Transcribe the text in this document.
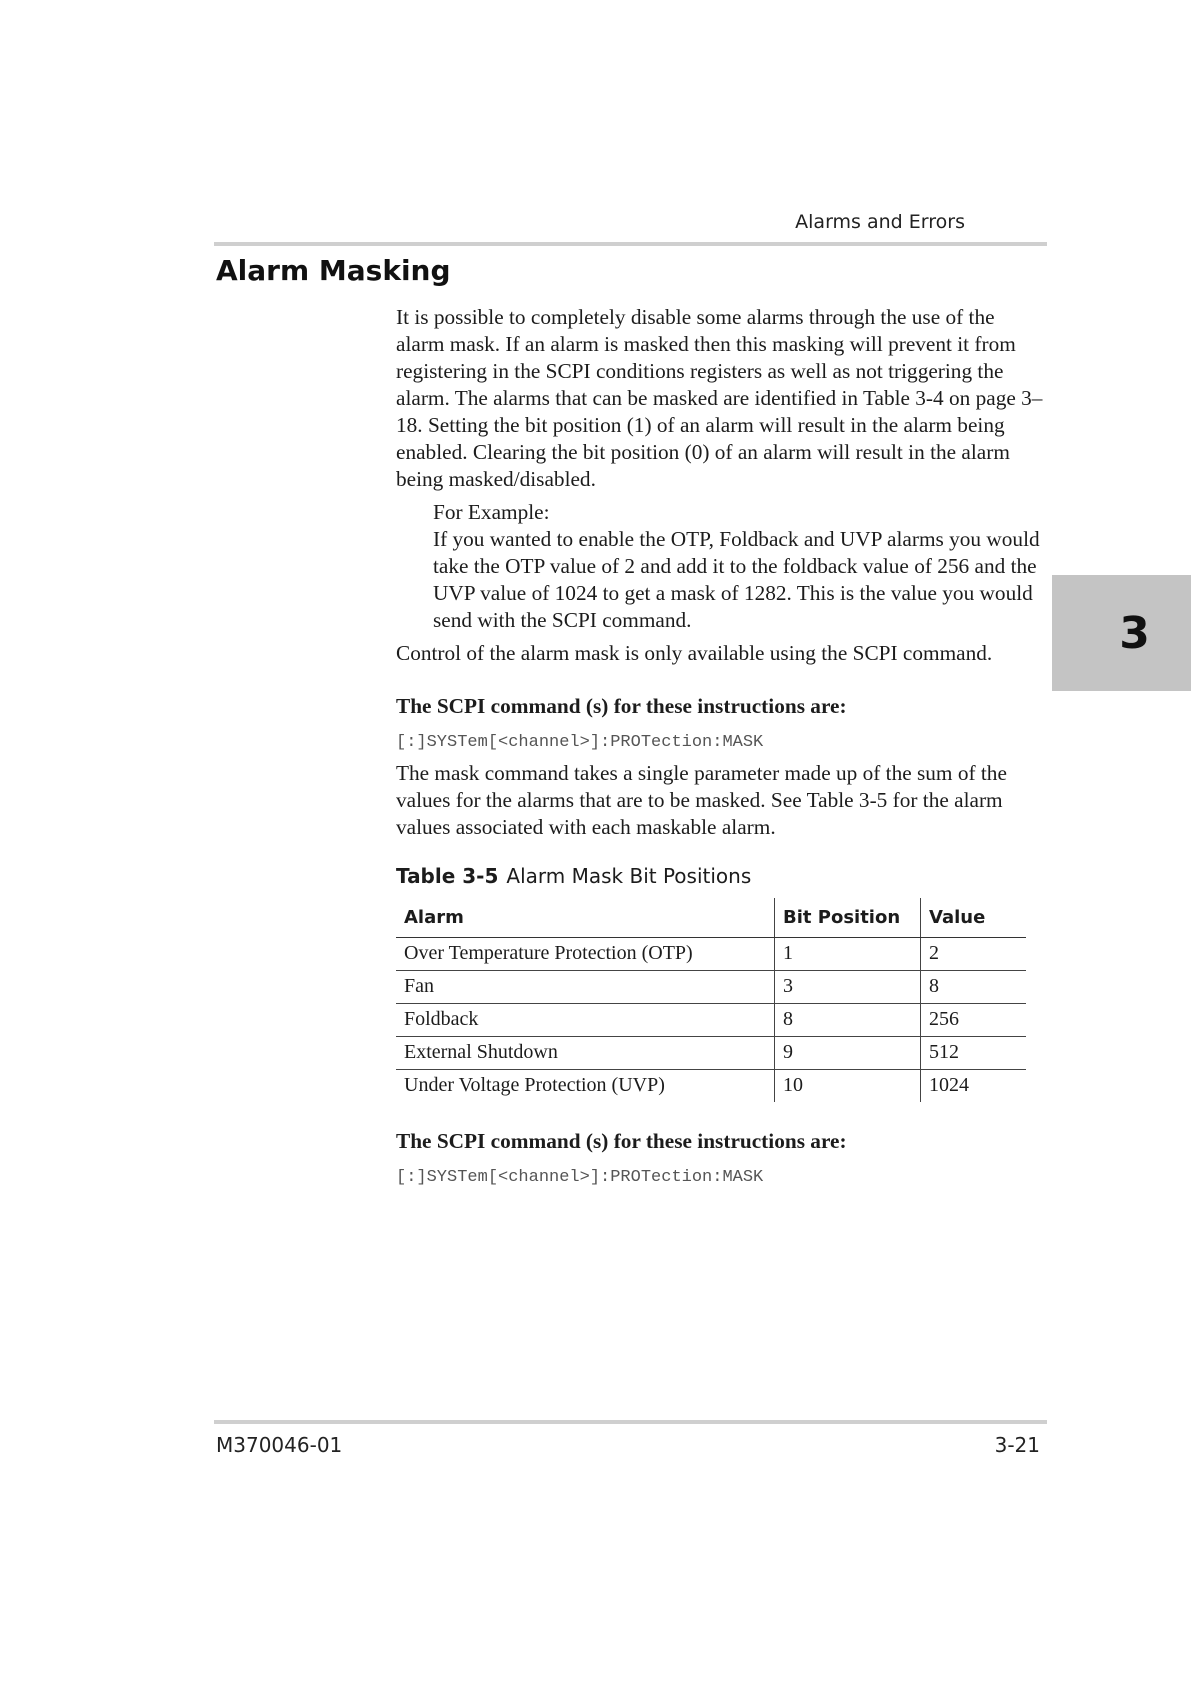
Alarms and Errors
Alarm Masking

It is possible to completely disable some alarms through the use of the alarm mask. If an alarm is masked then this masking will prevent it from registering in the SCPI conditions registers as well as not triggering the alarm. The alarms that can be masked are identified in Table 3-4 on page 3–18. Setting the bit position (1) of an alarm will result in the alarm being enabled. Clearing the bit position (0) of an alarm will result in the alarm being masked/disabled.

For Example:

If you wanted to enable the OTP, Foldback and UVP alarms you would take the OTP value of 2 and add it to the foldback value of 256 and the UVP value of 1024 to get a mask of 1282. This is the value you would send with the SCPI command.

Control of the alarm mask is only available using the SCPI command.

The SCPI command (s) for these instructions are:

[:]SYSTem[<channel>]:PROTection:MASK

The mask command takes a single parameter made up of the sum of the values for the alarms that are to be masked. See Table 3-5 for the alarm values associated with each maskable alarm.

Table 3-5 Alarm Mask Bit Positions

Alarm	Bit Position	Value
Over Temperature Protection (OTP)	1	2
Fan	3	8
Foldback	8	256
External Shutdown	9	512
Under Voltage Protection (UVP)	10	1024

The SCPI command (s) for these instructions are:

[:]SYSTem[<channel>]:PROTection:MASK

3
M370046-01	3-21
